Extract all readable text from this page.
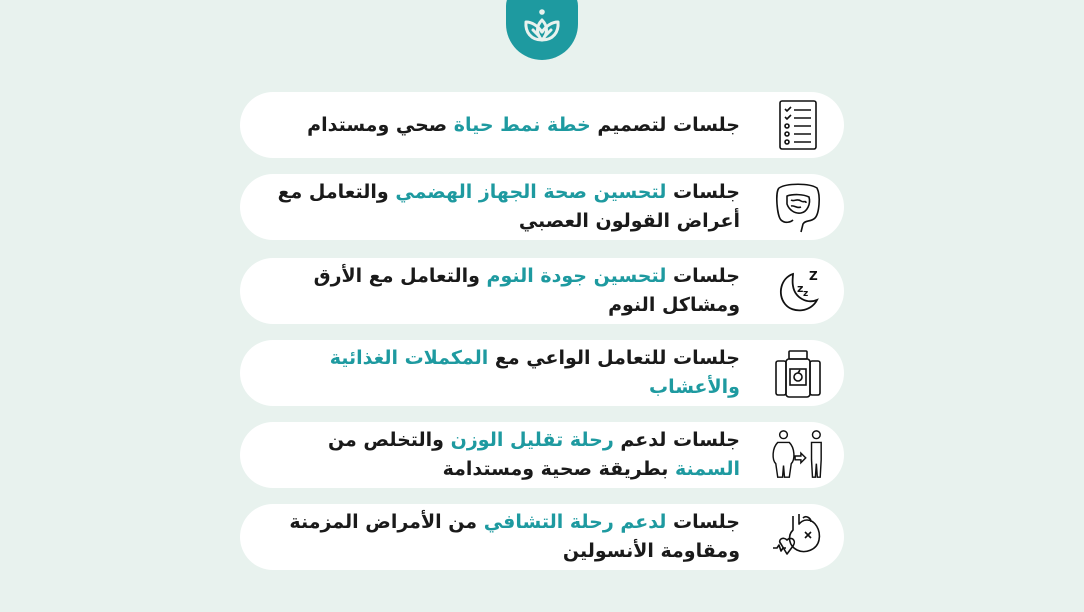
جلسات لتصميم خطة نمط حياة صحي ومستدام
جلسات لتحسين صحة الجهاز الهضمي والتعامل مع أعراض القولون العصبي
z z
Z
جلسات لتحسين جودة النوم والتعامل مع الأرق ومشاكل النوم
جلسات للتعامل الواعي مع المكملات الغذائية والأعشاب
جلسات لدعم رحلة تقليل الوزن والتخلص من السمنة بطريقة صحية ومستدامة
جلسات لدعم رحلة التشافي من الأمراض المزمنة ومقاومة الأنسولين
